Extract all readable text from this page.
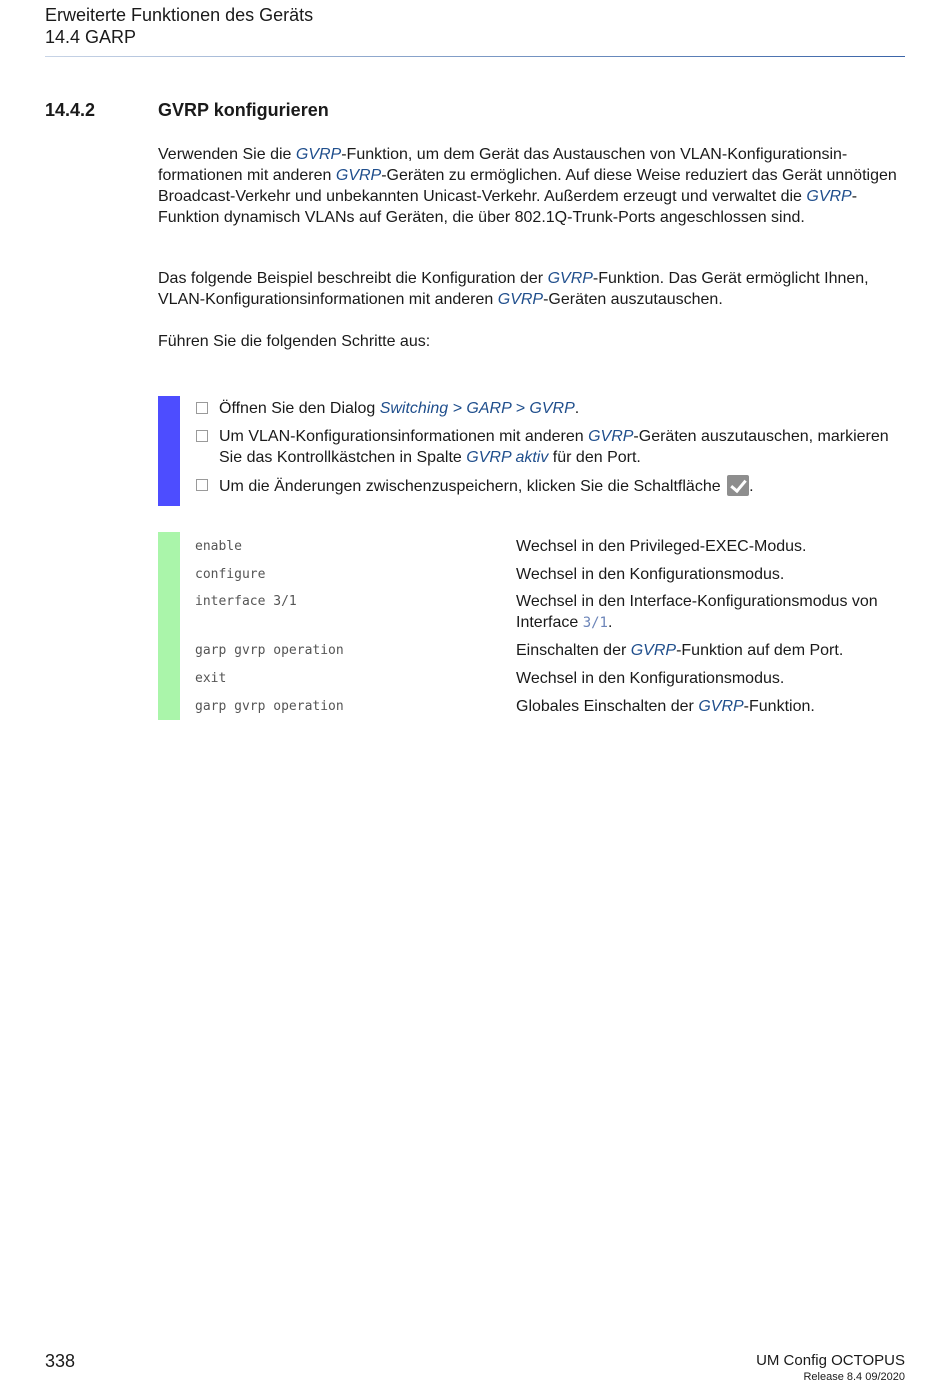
Erweiterte Funktionen des Geräts
14.4 GARP
14.4.2	GVRP konfigurieren
Verwenden Sie die GVRP-Funktion, um dem Gerät das Austauschen von VLAN-Konfigurationsin-formationen mit anderen GVRP-Geräten zu ermöglichen. Auf diese Weise reduziert das Gerät unnötigen Broadcast-Verkehr und unbekannten Unicast-Verkehr. Außerdem erzeugt und verwaltet die GVRP-Funktion dynamisch VLANs auf Geräten, die über 802.1Q-Trunk-Ports angeschlossen sind.
Das folgende Beispiel beschreibt die Konfiguration der GVRP-Funktion. Das Gerät ermöglicht Ihnen, VLAN-Konfigurationsinformationen mit anderen GVRP-Geräten auszutauschen.
Führen Sie die folgenden Schritte aus:
Öffnen Sie den Dialog Switching > GARP > GVRP.
Um VLAN-Konfigurationsinformationen mit anderen GVRP-Geräten auszutauschen, markieren Sie das Kontrollkästchen in Spalte GVRP aktiv für den Port.
Um die Änderungen zwischenzuspeichern, klicken Sie die Schaltfläche .
enable	Wechsel in den Privileged-EXEC-Modus.
configure	Wechsel in den Konfigurationsmodus.
interface 3/1	Wechsel in den Interface-Konfigurationsmodus von Interface 3/1.
garp gvrp operation	Einschalten der GVRP-Funktion auf dem Port.
exit	Wechsel in den Konfigurationsmodus.
garp gvrp operation	Globales Einschalten der GVRP-Funktion.
338	UM Config OCTOPUS
Release 8.4 09/2020
